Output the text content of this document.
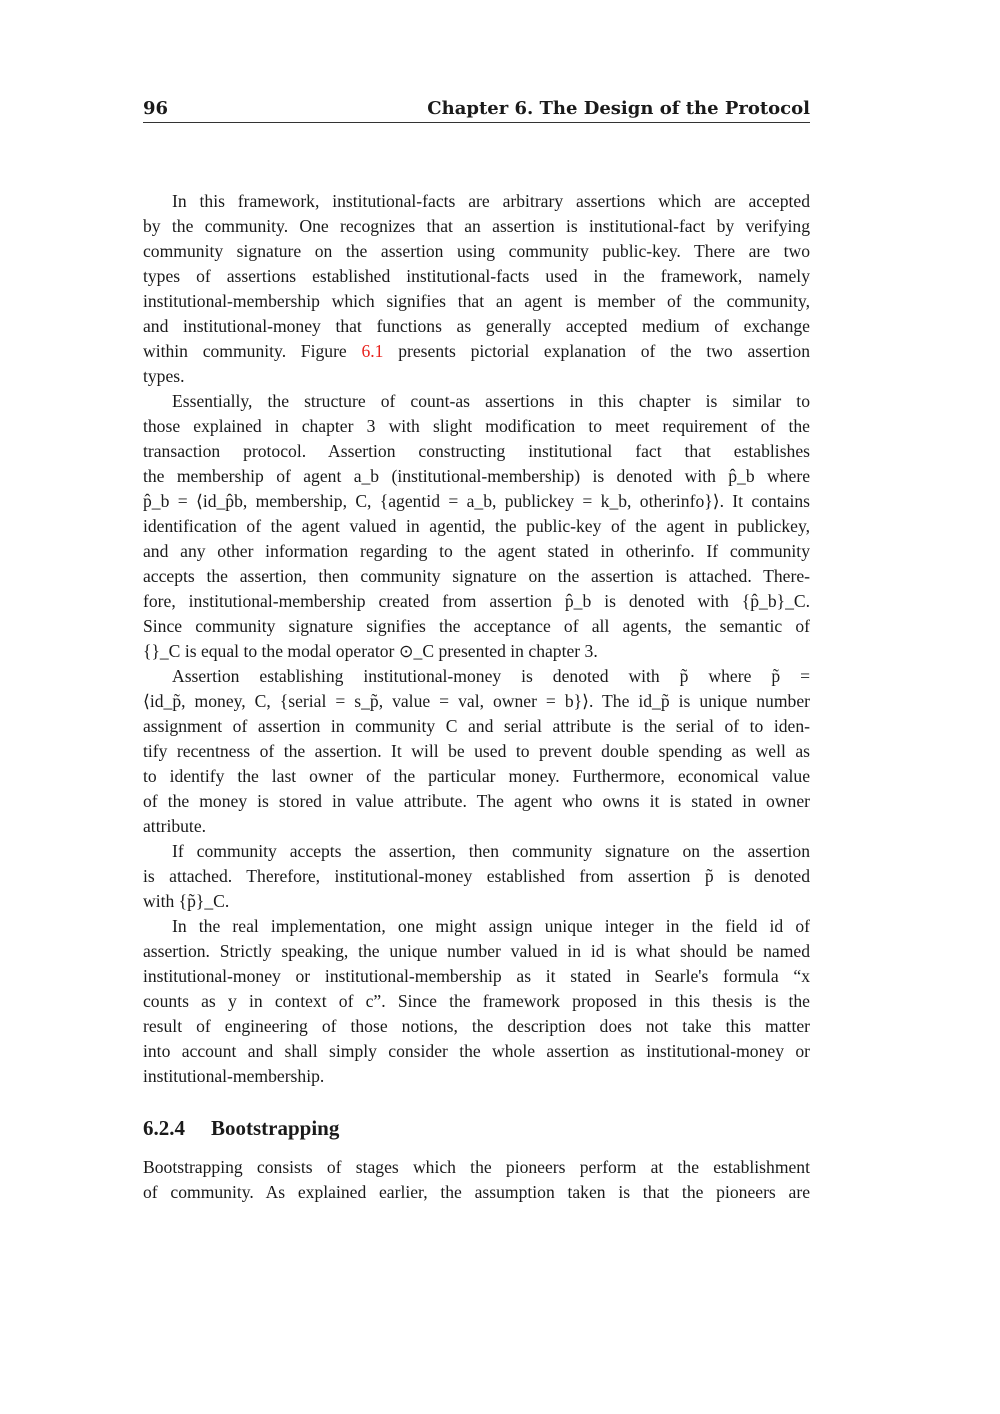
96	Chapter 6. The Design of the Protocol
In this framework, institutional-facts are arbitrary assertions which are accepted
by the community. One recognizes that an assertion is institutional-fact by verifying
community signature on the assertion using community public-key. There are two
types of assertions established institutional-facts used in the framework, namely
institutional-membership which signifies that an agent is member of the community,
and institutional-money that functions as generally accepted medium of exchange
within community. Figure 6.1 presents pictorial explanation of the two assertion
types.
Essentially, the structure of count-as assertions in this chapter is similar to
those explained in chapter 3 with slight modification to meet requirement of the
transaction protocol. Assertion constructing institutional fact that establishes
the membership of agent a_b (institutional-membership) is denoted with p̂_b where
p̂_b = ⟨id_p̂b, membership, C, {agentid = a_b, publickey = k_b, otherinfo}⟩. It contains
identification of the agent valued in agentid, the public-key of the agent in publickey,
and any other information regarding to the agent stated in otherinfo. If community
accepts the assertion, then community signature on the assertion is attached. There-
fore, institutional-membership created from assertion p̂_b is denoted with {p̂_b}_C.
Since community signature signifies the acceptance of all agents, the semantic of
{}_C is equal to the modal operator ⊙_C presented in chapter 3.
Assertion establishing institutional-money is denoted with p̃ where p̃ =
⟨id_p̃, money, C, {serial = s_p̃, value = val, owner = b}⟩. The id_p̃ is unique number
assignment of assertion in community C and serial attribute is the serial of to iden-
tify recentness of the assertion. It will be used to prevent double spending as well as
to identify the last owner of the particular money. Furthermore, economical value
of the money is stored in value attribute. The agent who owns it is stated in owner
attribute.
If community accepts the assertion, then community signature on the assertion
is attached. Therefore, institutional-money established from assertion p̃ is denoted
with {p̃}_C.
In the real implementation, one might assign unique integer in the field id of
assertion. Strictly speaking, the unique number valued in id is what should be named
institutional-money or institutional-membership as it stated in Searle's formula “x
counts as y in context of c”. Since the framework proposed in this thesis is the
result of engineering of those notions, the description does not take this matter
into account and shall simply consider the whole assertion as institutional-money or
institutional-membership.
6.2.4 Bootstrapping
Bootstrapping consists of stages which the pioneers perform at the establishment
of community. As explained earlier, the assumption taken is that the pioneers are
